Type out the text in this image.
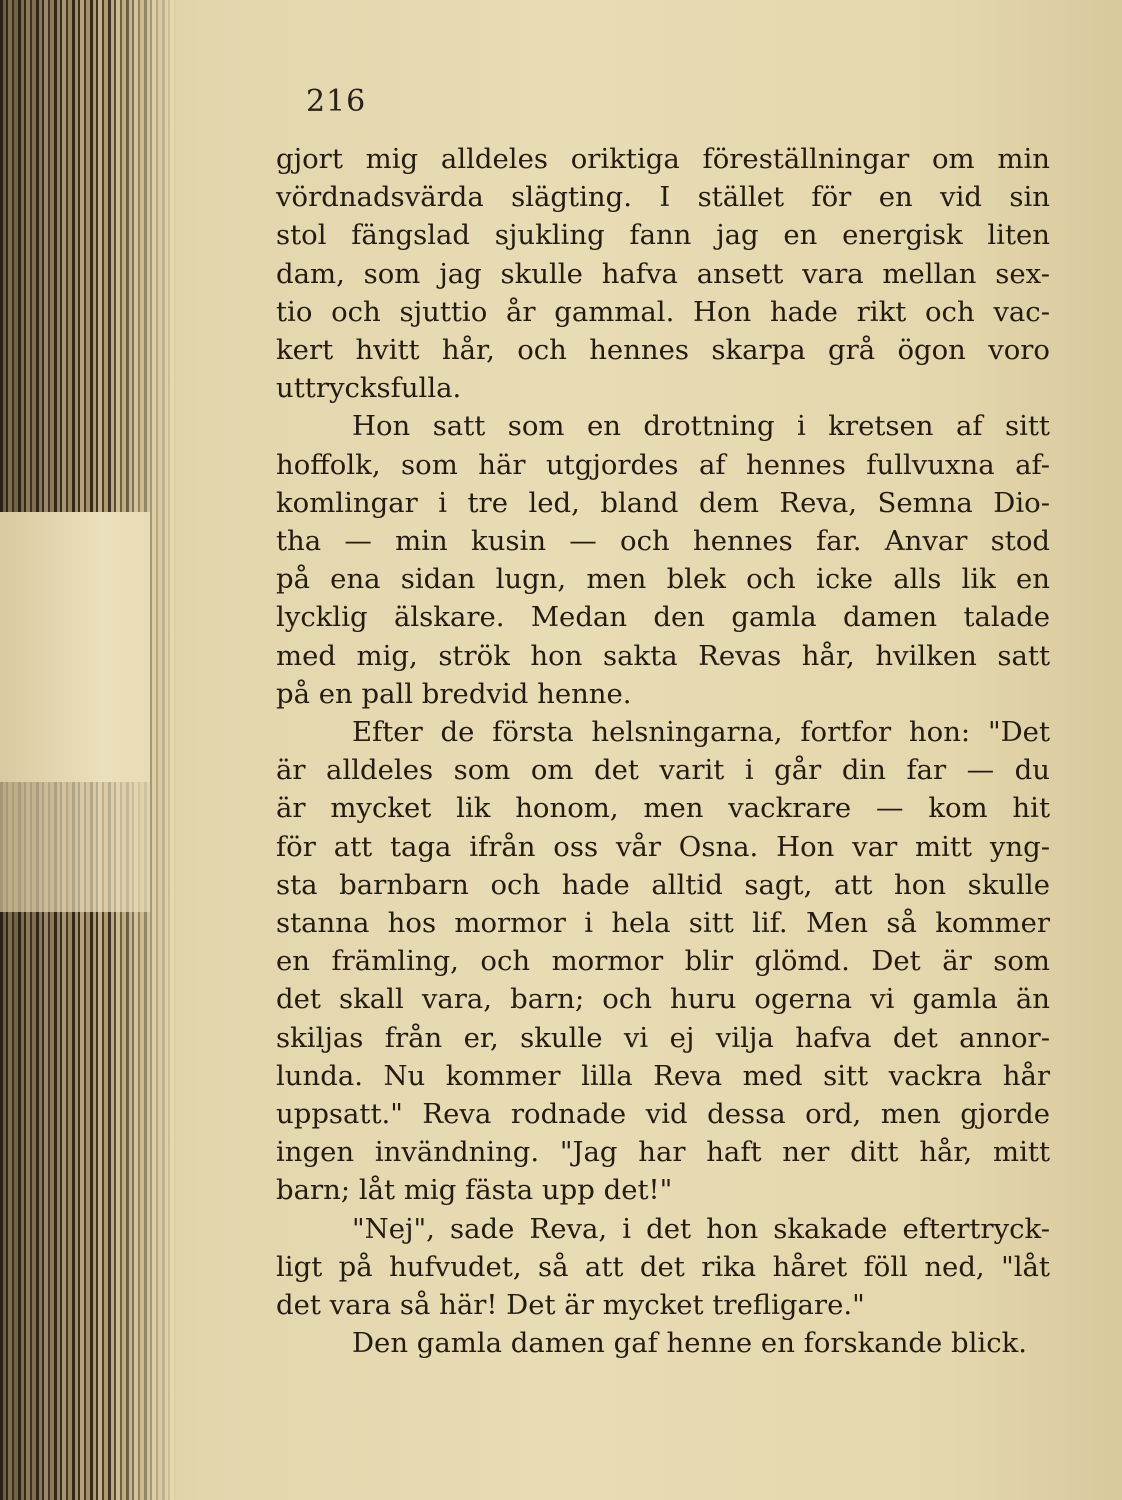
216

gjort mig alldeles oriktiga föreställningar om min

vördnadsvärda slägting. I stället för en vid sin

stol fängslad sjukling fann jag en energisk liten

dam, som jag skulle hafva ansett vara mellan sex-

tio och sjuttio år gammal. Hon hade rikt och vac-

kert hvitt hår, och hennes skarpa grå ögon voro

uttrycksfulla.

Hon satt som en drottning i kretsen af sitt

hoffolk, som här utgjordes af hennes fullvuxna af-

komlingar i tre led, bland dem Reva, Semna Dio-

tha — min kusin — och hennes far. Anvar stod

på ena sidan lugn, men blek och icke alls lik en

lycklig älskare. Medan den gamla damen talade

med mig, strök hon sakta Revas hår, hvilken satt

på en pall bredvid henne.

Efter de första helsningarna, fortfor hon: "Det

är alldeles som om det varit i går din far — du

är mycket lik honom, men vackrare — kom hit

för att taga ifrån oss vår Osna. Hon var mitt yng-

sta barnbarn och hade alltid sagt, att hon skulle

stanna hos mormor i hela sitt lif. Men så kommer

en främling, och mormor blir glömd. Det är som

det skall vara, barn; och huru ogerna vi gamla än

skiljas från er, skulle vi ej vilja hafva det annor-

lunda. Nu kommer lilla Reva med sitt vackra hår

uppsatt." Reva rodnade vid dessa ord, men gjorde

ingen invändning. "Jag har haft ner ditt hår, mitt

barn; låt mig fästa upp det!"

"Nej", sade Reva, i det hon skakade eftertryck-

ligt på hufvudet, så att det rika håret föll ned, "låt

det vara så här! Det är mycket trefligare."

Den gamla damen gaf henne en forskande blick.
